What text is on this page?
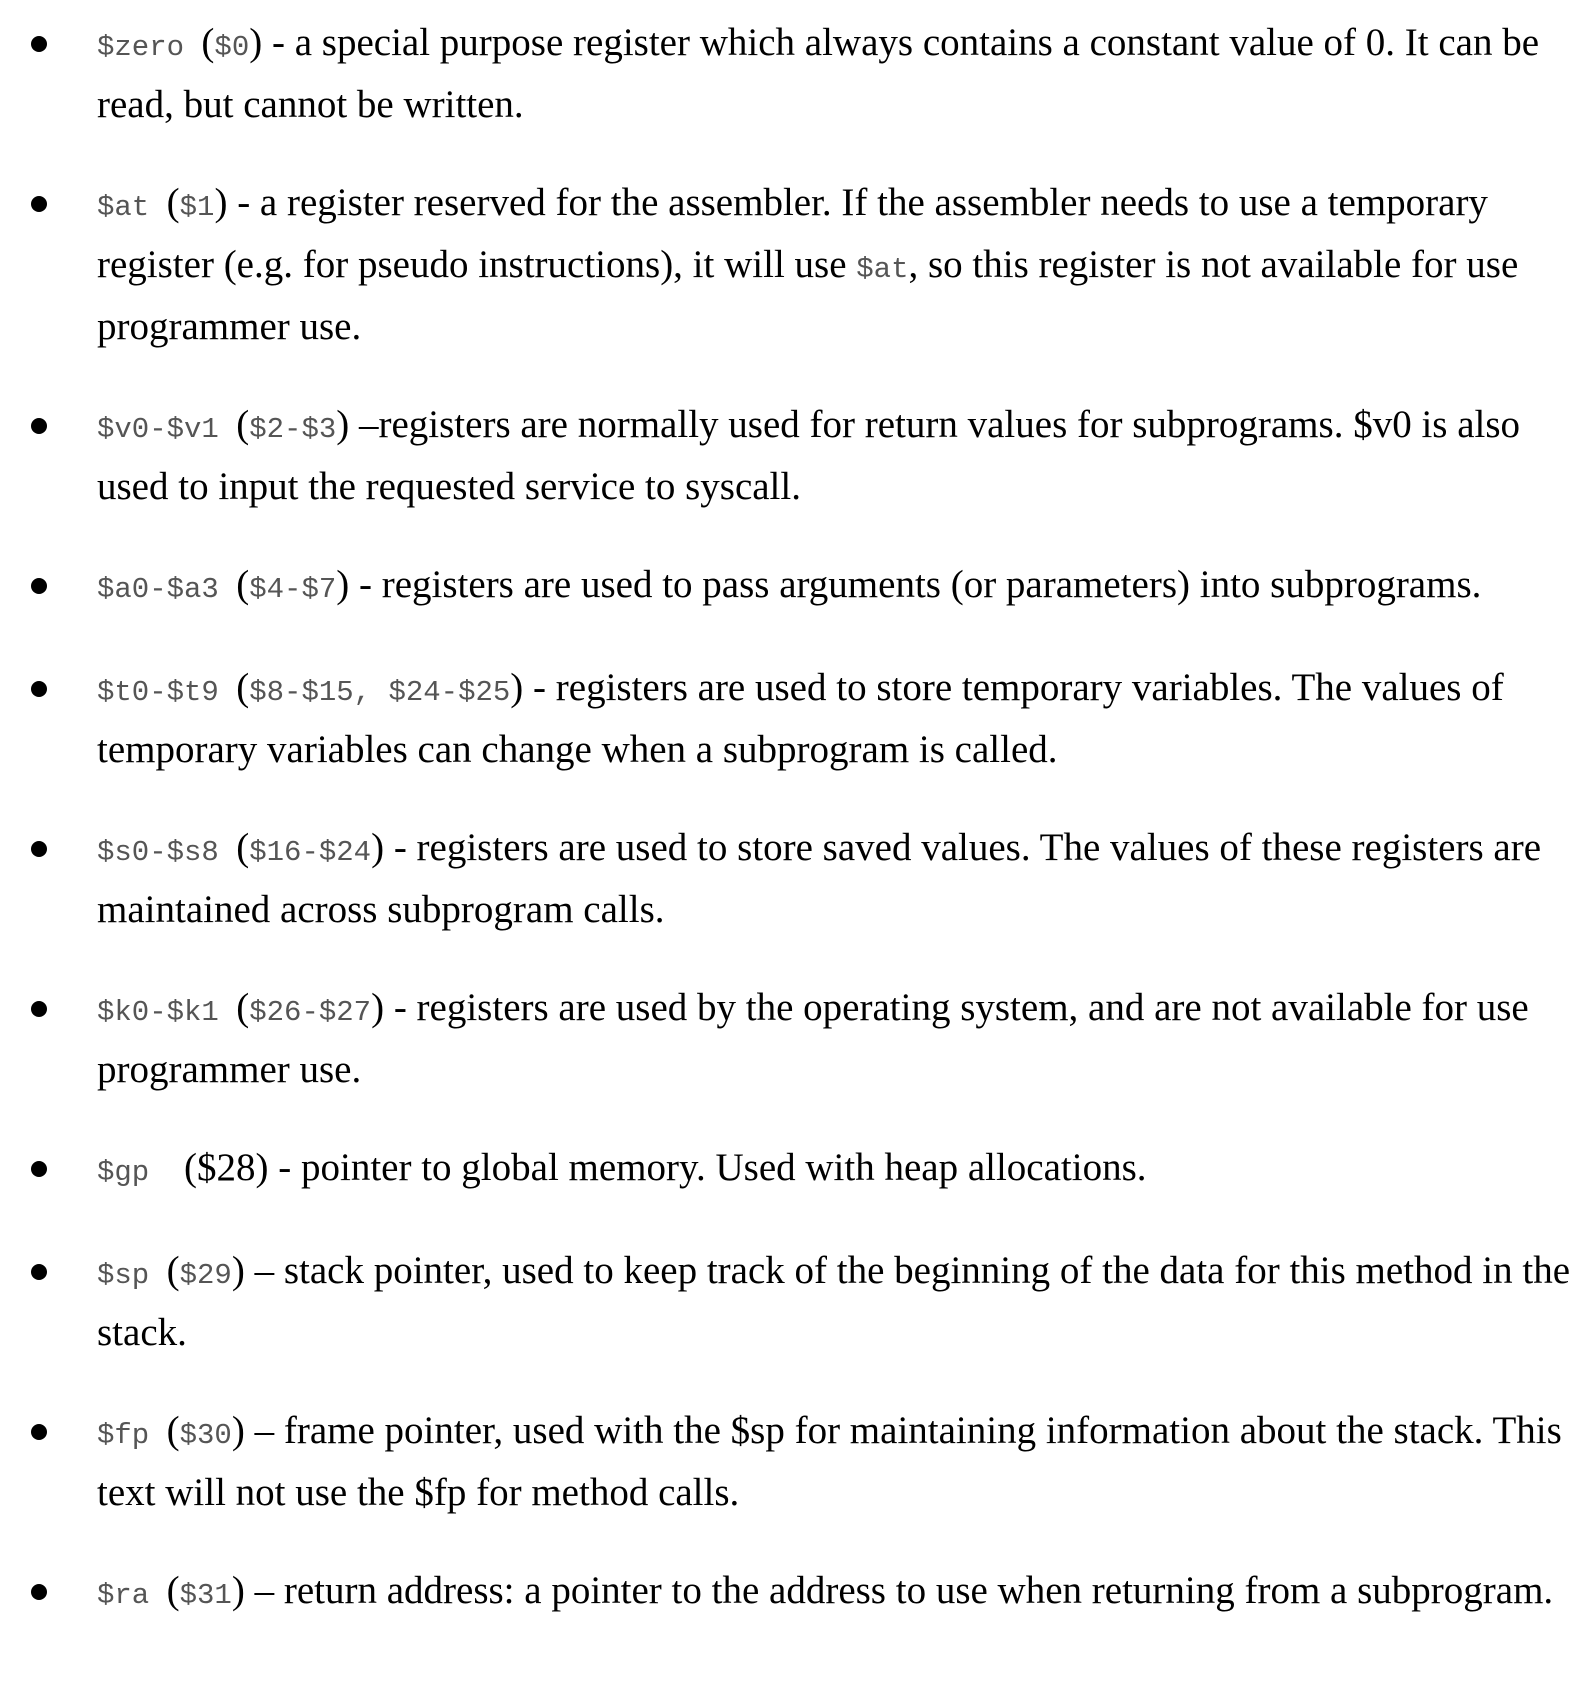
$zero ($0) - a special purpose register which always contains a constant value of 0. It can be read, but cannot be written.
$at ($1) - a register reserved for the assembler. If the assembler needs to use a temporary register (e.g. for pseudo instructions), it will use $at, so this register is not available for use programmer use.
$v0-$v1 ($2-$3) –registers are normally used for return values for subprograms. $v0 is also used to input the requested service to syscall.
$a0-$a3 ($4-$7) - registers are used to pass arguments (or parameters) into subprograms.
$t0-$t9 ($8-$15, $24-$25) - registers are used to store temporary variables. The values of temporary variables can change when a subprogram is called.
$s0-$s8 ($16-$24) - registers are used to store saved values. The values of these registers are maintained across subprogram calls.
$k0-$k1 ($26-$27) - registers are used by the operating system, and are not available for use programmer use.
$gp ($28) - pointer to global memory. Used with heap allocations.
$sp ($29) – stack pointer, used to keep track of the beginning of the data for this method in the stack.
$fp ($30) – frame pointer, used with the $sp for maintaining information about the stack. This text will not use the $fp for method calls.
$ra ($31) – return address: a pointer to the address to use when returning from a subprogram.
